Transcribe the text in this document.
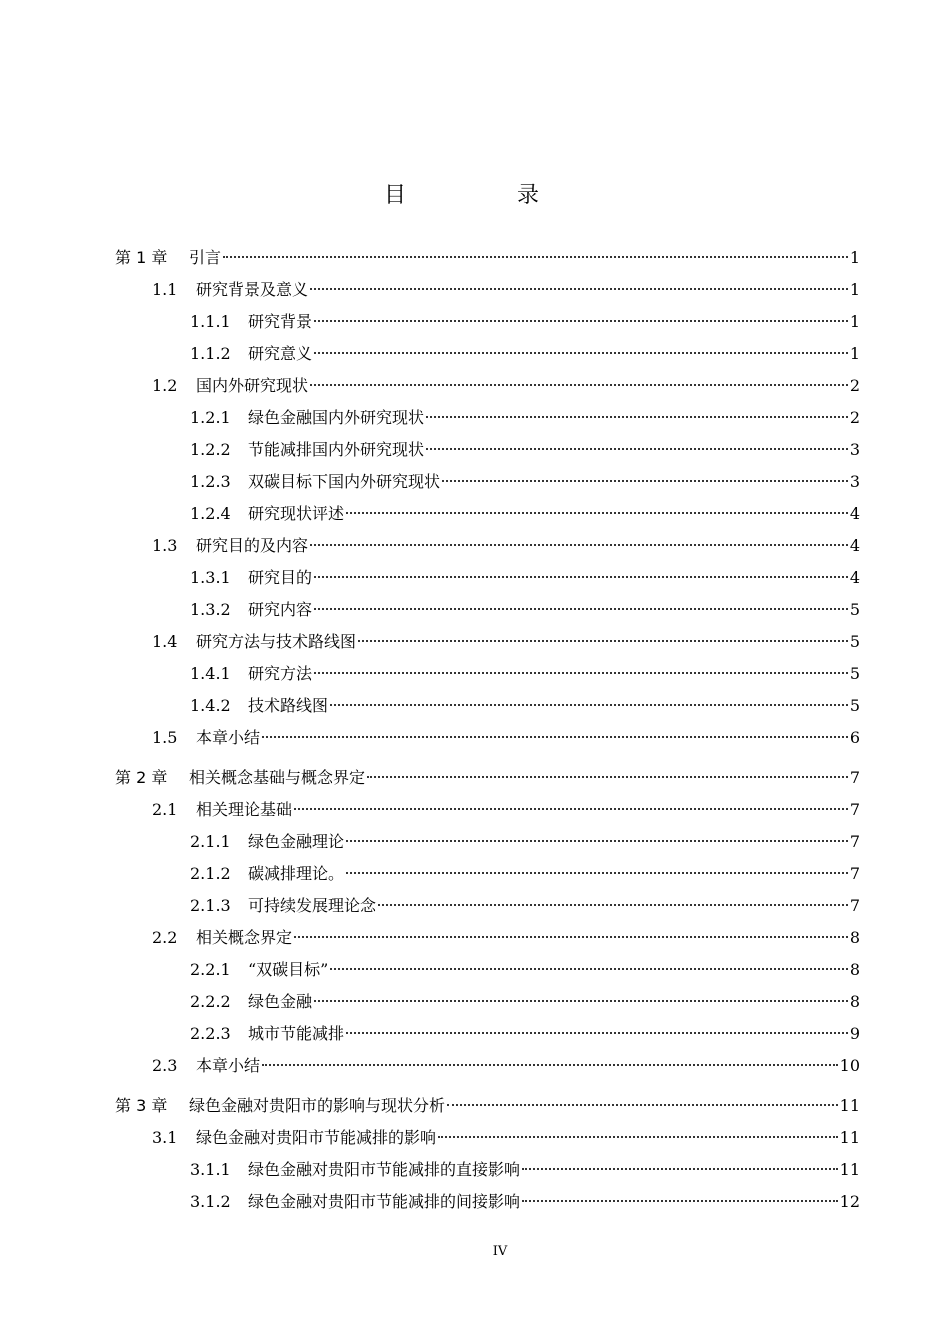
目 录
第 1 章	引言	1
1.1	研究背景及意义	1
1.1.1	研究背景	1
1.1.2	研究意义	1
1.2	国内外研究现状	2
1.2.1	绿色金融国内外研究现状	2
1.2.2	节能减排国内外研究现状	3
1.2.3	双碳目标下国内外研究现状	3
1.2.4	研究现状评述	4
1.3	研究目的及内容	4
1.3.1	研究目的	4
1.3.2	研究内容	5
1.4	研究方法与技术路线图	5
1.4.1	研究方法	5
1.4.2	技术路线图	5
1.5	本章小结	6
第 2 章	相关概念基础与概念界定	7
2.1	相关理论基础	7
2.1.1	绿色金融理论	7
2.1.2	碳减排理论。	7
2.1.3	可持续发展理论念	7
2.2	相关概念界定	8
2.2.1	“双碳目标”	8
2.2.2	绿色金融	8
2.2.3	城市节能减排	9
2.3	本章小结	10
第 3 章	绿色金融对贵阳市的影响与现状分析	11
3.1	绿色金融对贵阳市节能减排的影响	11
3.1.1	绿色金融对贵阳市节能减排的直接影响	11
3.1.2	绿色金融对贵阳市节能减排的间接影响	12
IV
